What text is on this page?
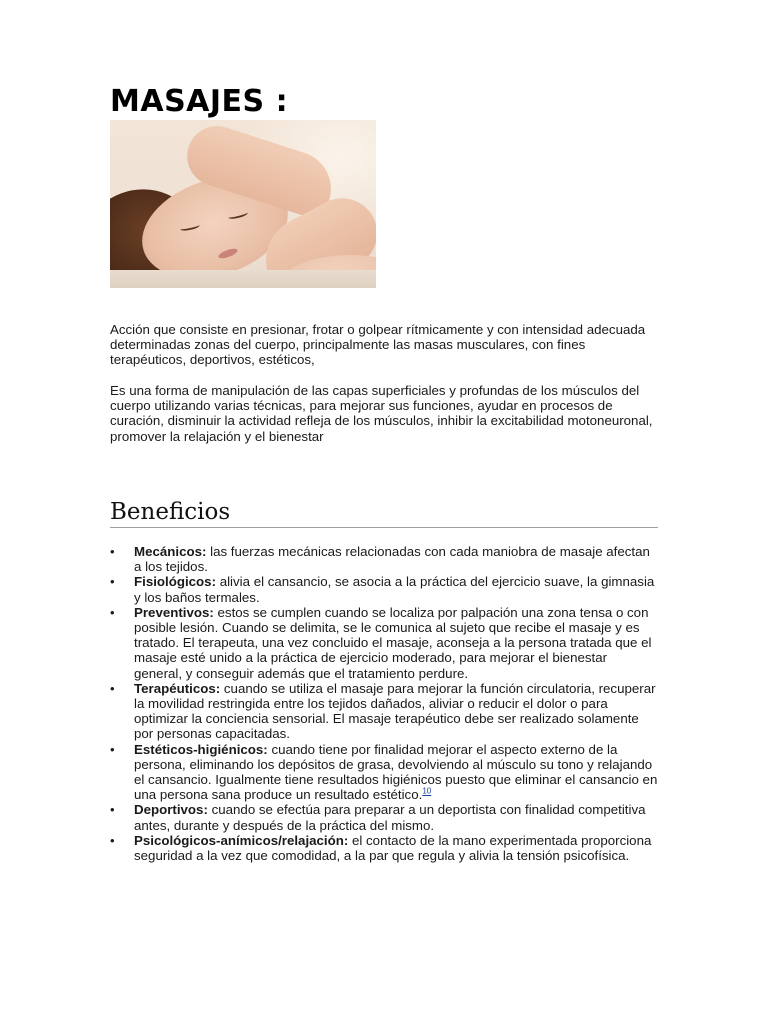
MASAJES :

Acción que consiste en presionar, frotar o golpear rítmicamente y con intensidad adecuada determinadas zonas del cuerpo, principalmente las masas musculares, con fines terapéuticos, deportivos, estéticos,

Es una forma de manipulación de las capas superficiales y profundas de los músculos del cuerpo utilizando varias técnicas, para mejorar sus funciones, ayudar en procesos de curación, disminuir la actividad refleja de los músculos, inhibir la excitabilidad motoneuronal, promover la relajación y el bienestar

Beneficios
•	Mecánicos: las fuerzas mecánicas relacionadas con cada maniobra de masaje afectan a los tejidos.
•	Fisiológicos: alivia el cansancio, se asocia a la práctica del ejercicio suave, la gimnasia y los baños termales.
•	Preventivos: estos se cumplen cuando se localiza por palpación una zona tensa o con posible lesión. Cuando se delimita, se le comunica al sujeto que recibe el masaje y es tratado. El terapeuta, una vez concluido el masaje, aconseja a la persona tratada que el masaje esté unido a la práctica de ejercicio moderado, para mejorar el bienestar general, y conseguir además que el tratamiento perdure.
•	Terapéuticos: cuando se utiliza el masaje para mejorar la función circulatoria, recuperar la movilidad restringida entre los tejidos dañados, aliviar o reducir el dolor o para optimizar la conciencia sensorial. El masaje terapéutico debe ser realizado solamente por personas capacitadas.
•	Estéticos-higiénicos: cuando tiene por finalidad mejorar el aspecto externo de la persona, eliminando los depósitos de grasa, devolviendo al músculo su tono y relajando el cansancio. Igualmente tiene resultados higiénicos puesto que eliminar el cansancio en una persona sana produce un resultado estético.$^{10}$
•	Deportivos: cuando se efectúa para preparar a un deportista con finalidad competitiva antes, durante y después de la práctica del mismo.
•	Psicológicos-anímicos/relajación: el contacto de la mano experimentada proporciona seguridad a la vez que comodidad, a la par que regula y alivia la tensión psicofísica.
